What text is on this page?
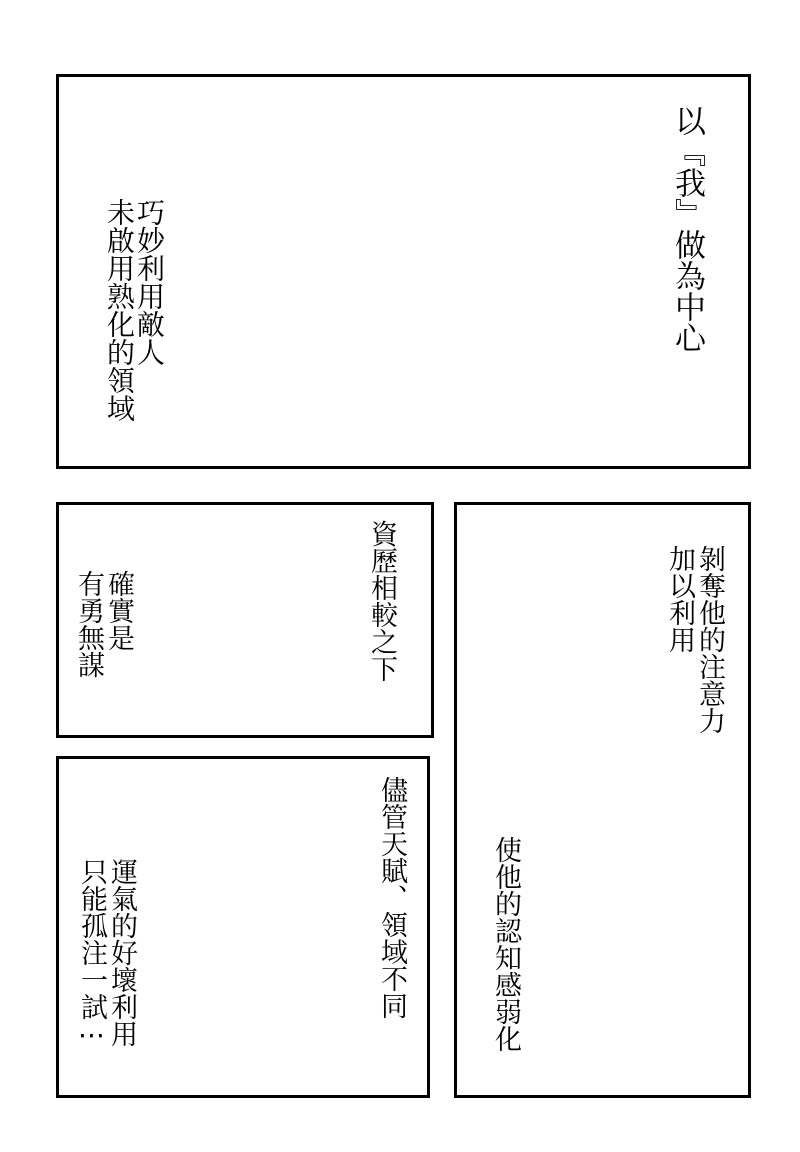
以『我』做為中心
巧妙利用敵人
未啟用熟化的領域
資歷相較之下
確實是
有勇無謀	剝奪他的注意力
加以利用
使他的認知感弱化
儘管天賦、領域不同
運氣的好壞利用
只能孤注一試⋯
